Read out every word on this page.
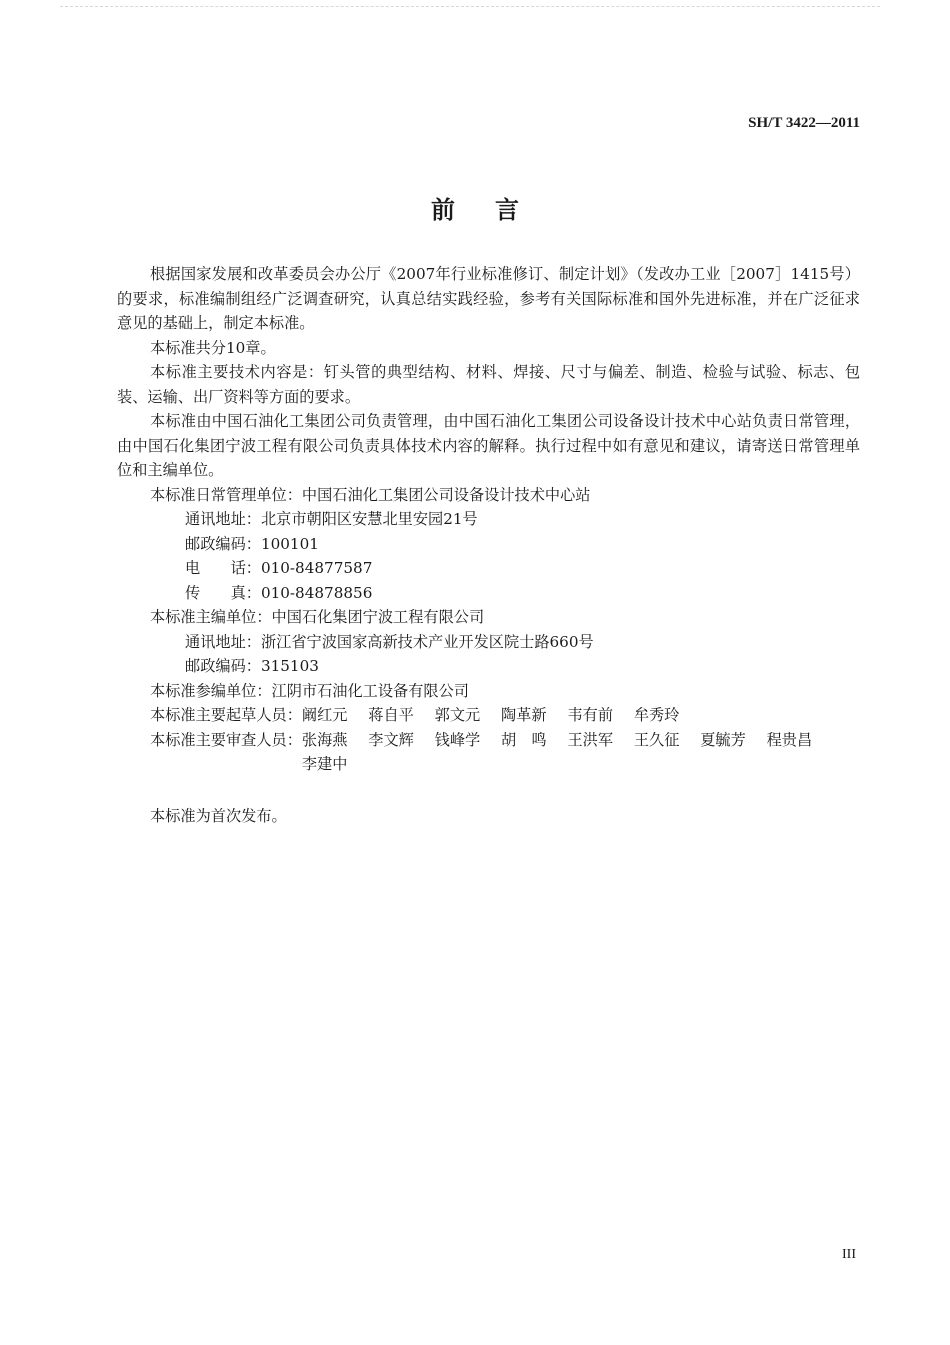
SH/T 3422—2011
前言

根据国家发展和改革委员会办公厅《2007年行业标准修订、制定计划》（发改办工业［2007］1415号）的要求，标准编制组经广泛调查研究，认真总结实践经验，参考有关国际标准和国外先进标准，并在广泛征求意见的基础上，制定本标准。

本标准共分10章。

本标准主要技术内容是：钉头管的典型结构、材料、焊接、尺寸与偏差、制造、检验与试验、标志、包装、运输、出厂资料等方面的要求。

本标准由中国石油化工集团公司负责管理，由中国石油化工集团公司设备设计技术中心站负责日常管理，由中国石化集团宁波工程有限公司负责具体技术内容的解释。执行过程中如有意见和建议，请寄送日常管理单位和主编单位。

本标准日常管理单位：中国石油化工集团公司设备设计技术中心站

通讯地址：北京市朝阳区安慧北里安园21号

邮政编码：100101

电　　话：010-84877587

传　　真：010-84878856

本标准主编单位：中国石化集团宁波工程有限公司

通讯地址：浙江省宁波国家高新技术产业开发区院士路660号

邮政编码：315103

本标准参编单位：江阴市石油化工设备有限公司

本标准主要起草人员： 阚红元 蒋自平 郭文元 陶革新 韦有前 牟秀玲
本标准主要审查人员： 张海燕 李文辉 钱峰学 胡　鸣 王洪军 王久征 夏毓芳 程贵昌 李建中
本标准为首次发布。
III
